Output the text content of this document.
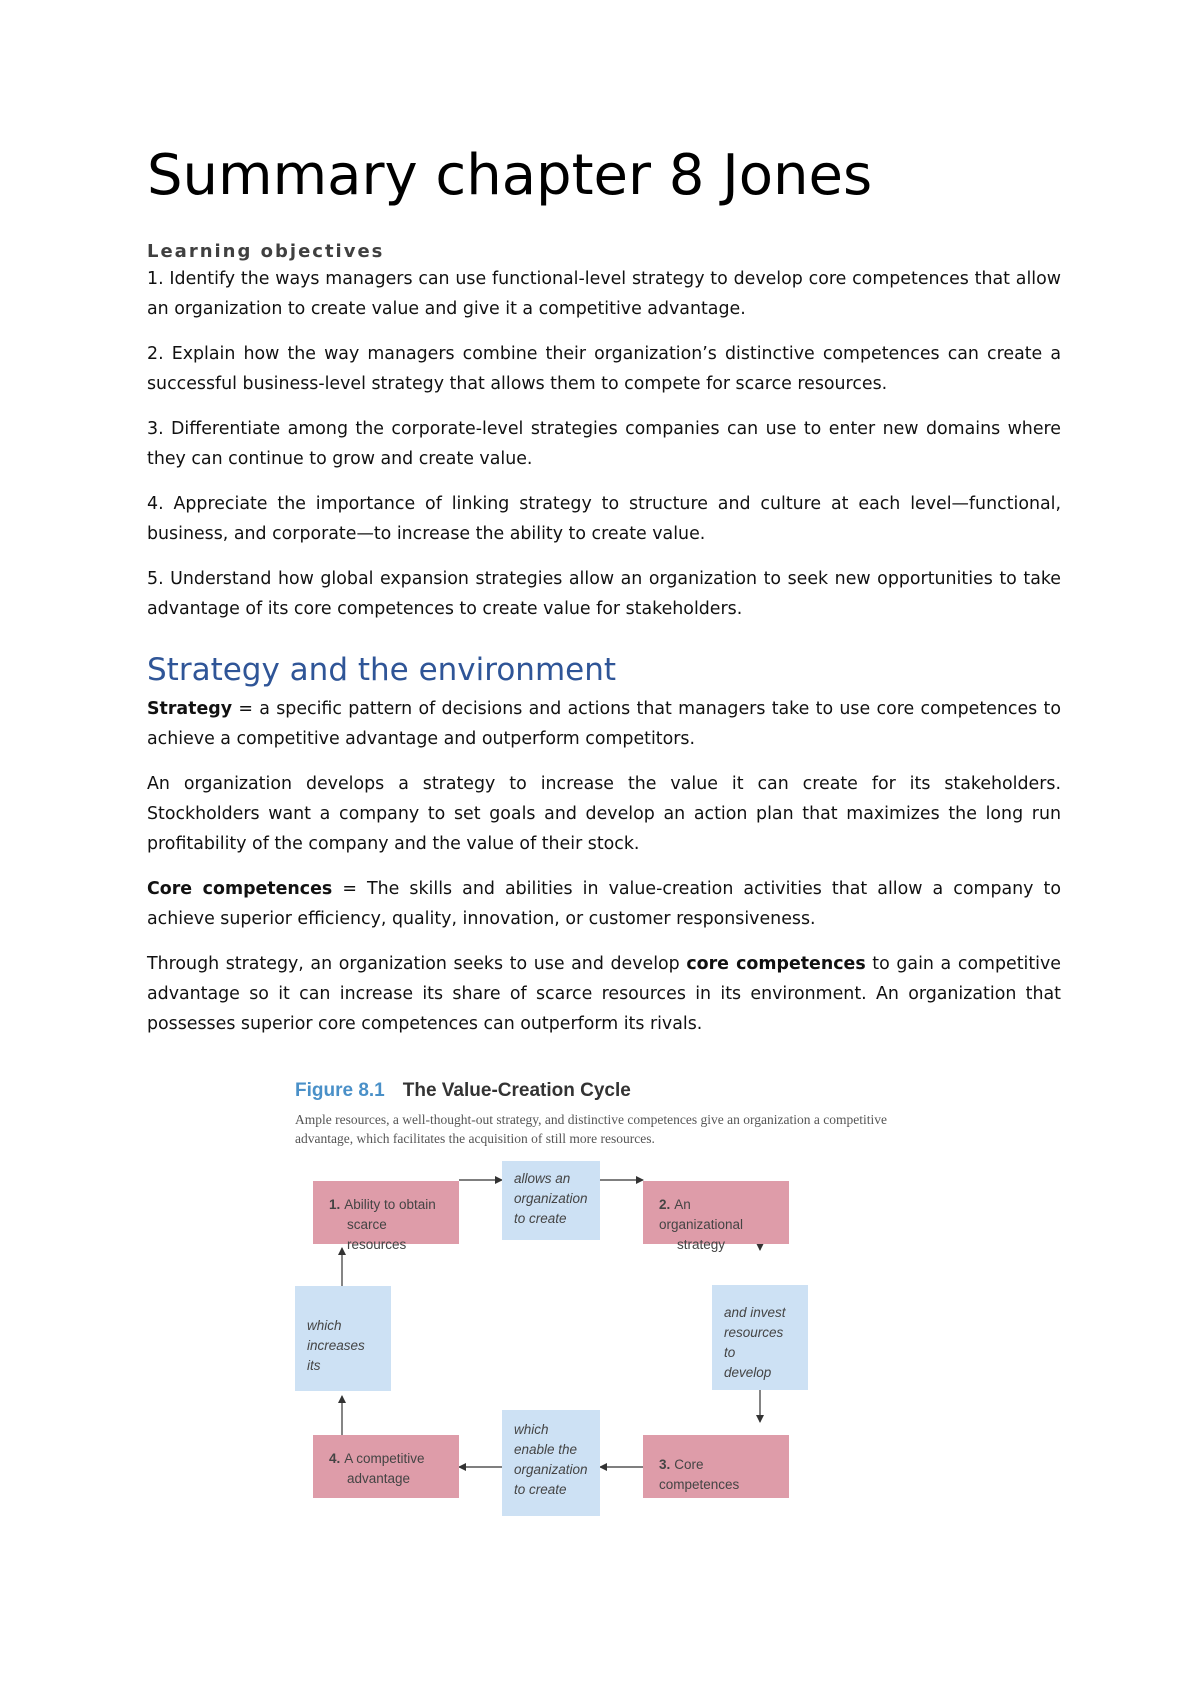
Summary chapter 8 Jones
Learning objectives

1. Identify the ways managers can use functional-level strategy to develop core competences that allow an organization to create value and give it a competitive advantage.

2. Explain how the way managers combine their organization’s distinctive competences can create a successful business-level strategy that allows them to compete for scarce resources.

3. Differentiate among the corporate-level strategies companies can use to enter new domains where they can continue to grow and create value.

4. Appreciate the importance of linking strategy to structure and culture at each level—functional, business, and corporate—to increase the ability to create value.

5. Understand how global expansion strategies allow an organization to seek new opportunities to take advantage of its core competences to create value for stakeholders.

Strategy and the environment

Strategy = a specific pattern of decisions and actions that managers take to use core competences to achieve a competitive advantage and outperform competitors.

An organization develops a strategy to increase the value it can create for its stakeholders. Stockholders want a company to set goals and develop an action plan that maximizes the long run profitability of the company and the value of their stock.

Core competences = The skills and abilities in value-creation activities that allow a company to achieve superior efficiency, quality, innovation, or customer responsiveness.

Through strategy, an organization seeks to use and develop core competences to gain a competitive advantage so it can increase its share of scarce resources in its environment. An organization that possesses superior core competences can outperform its rivals.

Figure 8.1 The Value-Creation Cycle
Ample resources, a well-thought-out strategy, and distinctive competences give an organization a competitive advantage, which facilitates the acquisition of still more resources.
1. Ability to obtain
scarce resources
allows an
organization
to create
2. An organizational
strategy
and invest
resources to
develop
3. Core competences
which
enable the
organization
to create
4. A competitive
advantage
which
increases its
